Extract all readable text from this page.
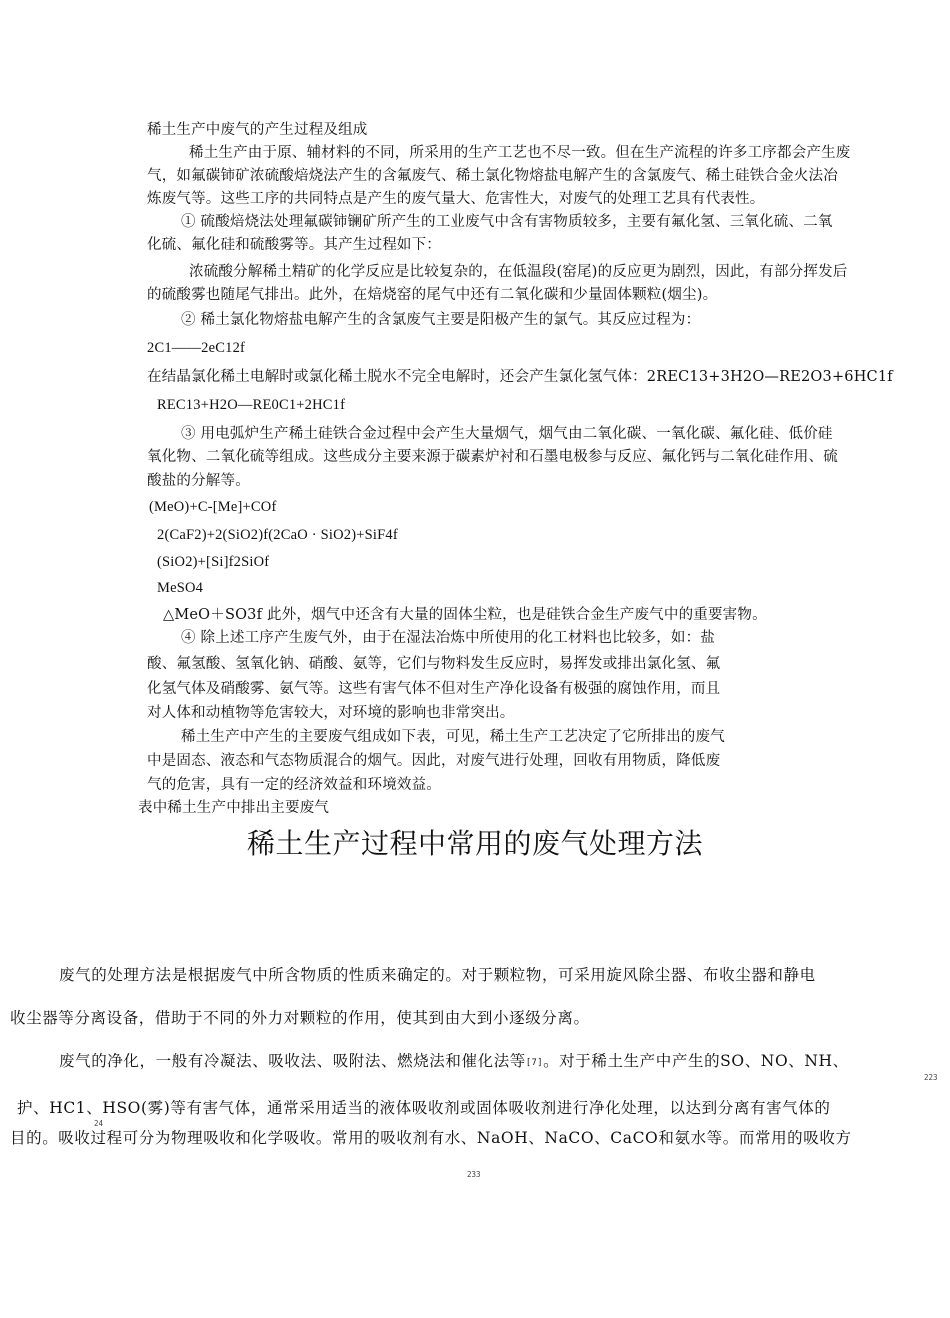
稀土生产中废气的产生过程及组成
稀土生产由于原、辅材料的不同，所采用的生产工艺也不尽一致。但在生产流程的许多工序都会产生废
气，如氟碳铈矿浓硫酸焙烧法产生的含氟废气、稀土氯化物熔盐电解产生的含氯废气、稀土硅铁合金火法冶
炼废气等。这些工序的共同特点是产生的废气量大、危害性大，对废气的处理工艺具有代表性。
① 硫酸焙烧法处理氟碳铈镧矿所产生的工业废气中含有害物质较多，主要有氟化氢、三氧化硫、二氧
化硫、氟化硅和硫酸雾等。其产生过程如下：
浓硫酸分解稀土精矿的化学反应是比较复杂的，在低温段(窑尾)的反应更为剧烈，因此，有部分挥发后
的硫酸雾也随尾气排出。此外，在焙烧窑的尾气中还有二氧化碳和少量固体颗粒(烟尘)。
② 稀土氯化物熔盐电解产生的含氯废气主要是阳极产生的氯气。其反应过程为：
2C1——2eC12f
在结晶氯化稀土电解时或氯化稀土脱水不完全电解时，还会产生氯化氢气体：2REC13+3H2O—RE2O3+6HC1f
REC13+H2O—RE0C1+2HC1f
③ 用电弧炉生产稀土硅铁合金过程中会产生大量烟气，烟气由二氧化碳、一氧化碳、氟化硅、低价硅
氧化物、二氧化硫等组成。这些成分主要来源于碳素炉衬和石墨电极参与反应、氟化钙与二氧化硅作用、硫
酸盐的分解等。
(MeO)+C-[Me]+COf
2(CaF2)+2(SiO2)f(2CaO · SiO2)+SiF4f
(SiO2)+[Si]f2SiOf
MeSO4
△MeO＋SO3f 此外，烟气中还含有大量的固体尘粒，也是硅铁合金生产废气中的重要害物。
④ 除上述工序产生废气外，由于在湿法冶炼中所使用的化工材料也比较多，如：盐
酸、氟氢酸、氢氧化钠、硝酸、氨等，它们与物料发生反应时，易挥发或排出氯化氢、氟
化氢气体及硝酸雾、氨气等。这些有害气体不但对生产净化设备有极强的腐蚀作用，而且
对人体和动植物等危害较大，对环境的影响也非常突出。
稀土生产中产生的主要废气组成如下表，可见，稀土生产工艺决定了它所排出的废气
中是固态、液态和气态物质混合的烟气。因此，对废气进行处理，回收有用物质，降低废
气的危害，具有一定的经济效益和环境效益。
表中稀土生产中排出主要废气
稀土生产过程中常用的废气处理方法
废气的处理方法是根据废气中所含物质的性质来确定的。对于颗粒物，可采用旋风除尘器、布收尘器和静电
收尘器等分离设备，借助于不同的外力对颗粒的作用，使其到由大到小逐级分离。
废气的净化，一般有冷凝法、吸收法、吸附法、燃烧法和催化法等[7]。对于稀土生产中产生的SO、NO、NH、
223
护、HC1、HSO(雾)等有害气体，通常采用适当的液体吸收剂或固体吸收剂进行净化处理，以达到分离有害气体的
24
目的。吸收过程可分为物理吸收和化学吸收。常用的吸收剂有水、NaOH、NaCO、CaCO和氨水等。而常用的吸收方
233
